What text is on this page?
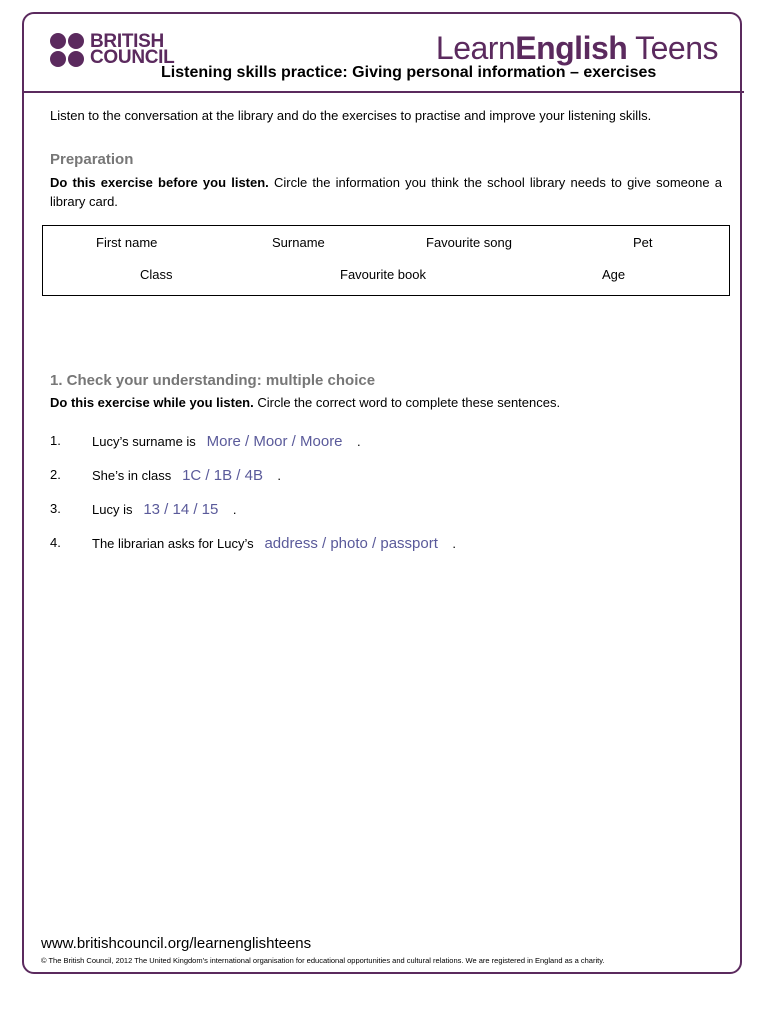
BRITISH
COUNCIL	LearnEnglish Teens
Listening skills practice: Giving personal information – exercises
Listen to the conversation at the library and do the exercises to practise and improve your listening skills.
Preparation
Do this exercise before you listen. Circle the information you think the school library needs to give someone a library card.
First name	Surname	Favourite song	Pet
Class	Favourite book	Age
1. Check your understanding: multiple choice
Do this exercise while you listen. Circle the correct word to complete these sentences.
1. Lucy’s surname is More / Moor / Moore .
2. She’s in class 1C / 1B / 4B .
3. Lucy is 13 / 14 / 15 .
4. The librarian asks for Lucy’s address / photo / passport .
www.britishcouncil.org/learnenglishteens
© The British Council, 2012 The United Kingdom’s international organisation for educational opportunities and cultural relations. We are registered in England as a charity.
